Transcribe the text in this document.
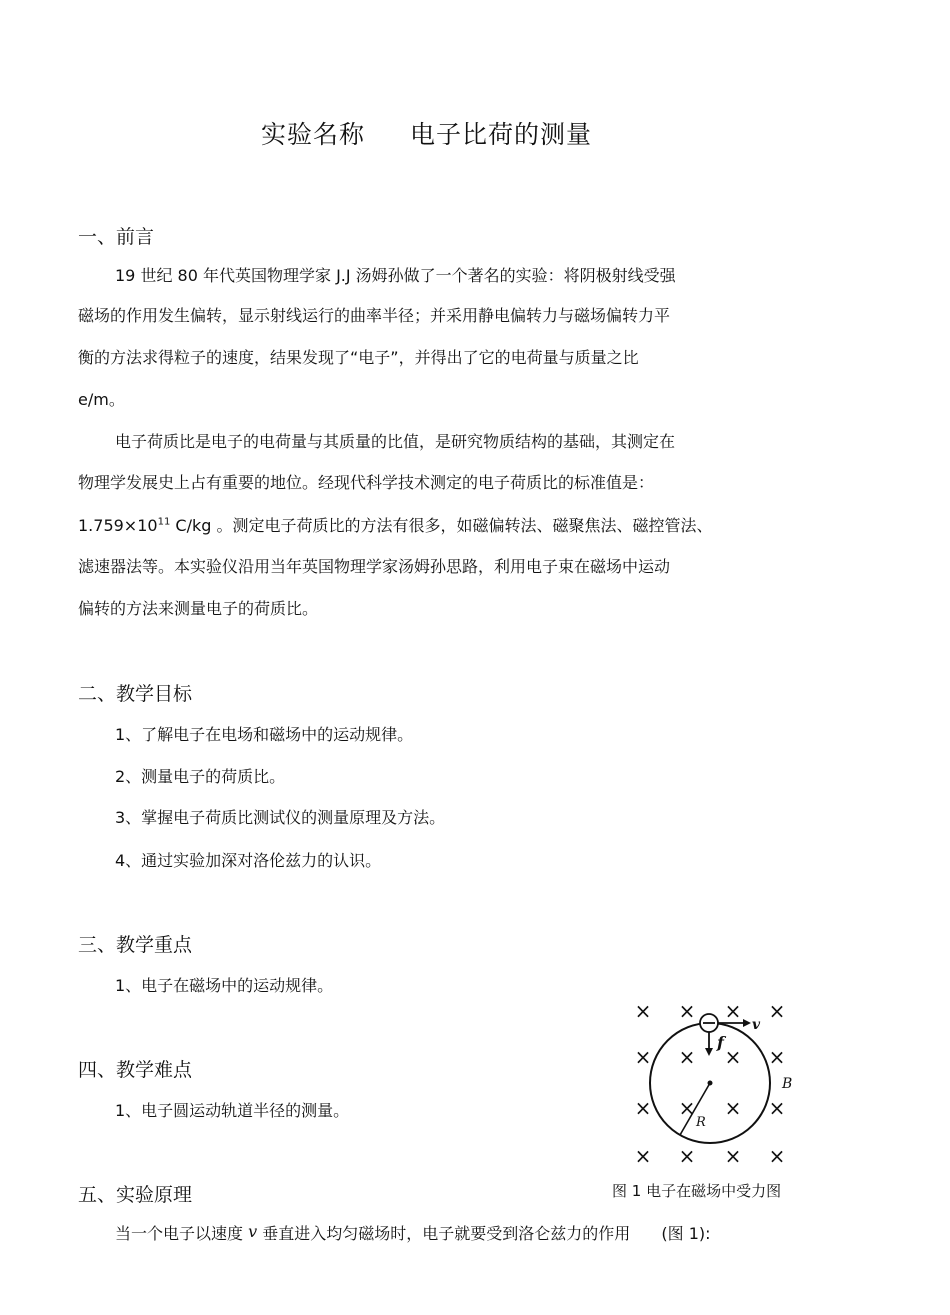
实验名称 电子比荷的测量
一、前言
19 世纪 80 年代英国物理学家 J.J 汤姆孙做了一个著名的实验：将阴极射线受强
磁场的作用发生偏转，显示射线运行的曲率半径；并采用静电偏转力与磁场偏转力平
衡的方法求得粒子的速度，结果发现了“电子”，并得出了它的电荷量与质量之比
e/m。
电子荷质比是电子的电荷量与其质量的比值，是研究物质结构的基础，其测定在
物理学发展史上占有重要的地位。经现代科学技术测定的电子荷质比的标准值是：
$1.759\times 10^{11}$ C/kg 。测定电子荷质比的方法有很多，如磁偏转法、磁聚焦法、磁控管法、
滤速器法等。本实验仪沿用当年英国物理学家汤姆孙思路，利用电子束在磁场中运动
偏转的方法来测量电子的荷质比。
二、教学目标
1、了解电子在电场和磁场中的运动规律。
2、测量电子的荷质比。
3、掌握电子荷质比测试仪的测量原理及方法。
4、通过实验加深对洛伦兹力的认识。
三、教学重点
1、电子在磁场中的运动规律。
四、教学难点
1、电子圆运动轨道半径的测量。
五、实验原理
当一个电子以速度 v 垂直进入均匀磁场时，电子就要受到洛仑兹力的作用 (图 1):
× × × ×
× × × ×
× × × ×
× × × ×
v
f
B
R
图 1 电子在磁场中受力图
